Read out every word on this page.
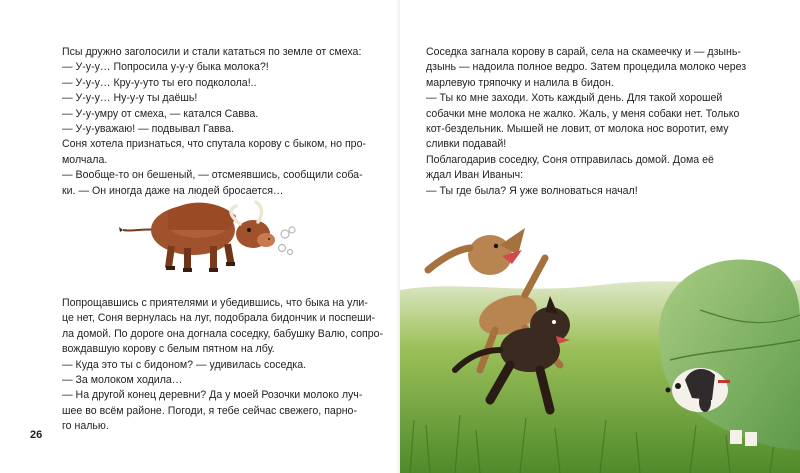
Псы дружно заголосили и стали кататься по земле от смеха:

— У-у-у… Попросила у-у-у быка молока?!

— У-у-у… Кру-у-уто ты его подколола!..

— У-у-у… Ну-у-у ты даёшь!

— У-у-умру от смеха, — катался Савва.

— У-у-уважаю! — подвывал Гавва.

Соня хотела признаться, что спутала корову с быком, но про-

молчала.

— Вообще-то он бешеный, — отсмеявшись, сообщили соба-

ки. — Он иногда даже на людей бросается…

Попрощавшись с приятелями и убедившись, что быка на ули-

це нет, Соня вернулась на луг, подобрала бидончик и поспеши-

ла домой. По дороге она догнала соседку, бабушку Валю, сопро-

вождавшую корову с белым пятном на лбу.

— Куда это ты с бидоном? — удивилась соседка.

— За молоком ходила…

— На другой конец деревни? Да у моей Розочки молоко луч-

шее во всём районе. Погоди, я тебе сейчас свежего, парно-

го налью.

26

Соседка загнала корову в сарай, села на скамеечку и — дзынь-

дзынь — надоила полное ведро. Затем процедила молоко через

марлевую тряпочку и налила в бидон.

— Ты ко мне заходи. Хоть каждый день. Для такой хорошей

собачки мне молока не жалко. Жаль, у меня собаки нет. Только

кот-бездельник. Мышей не ловит, от молока нос воротит, ему

сливки подавай!

Поблагодарив соседку, Соня отправилась домой. Дома её

ждал Иван Иваныч:

— Ты где была? Я уже волноваться начал!
